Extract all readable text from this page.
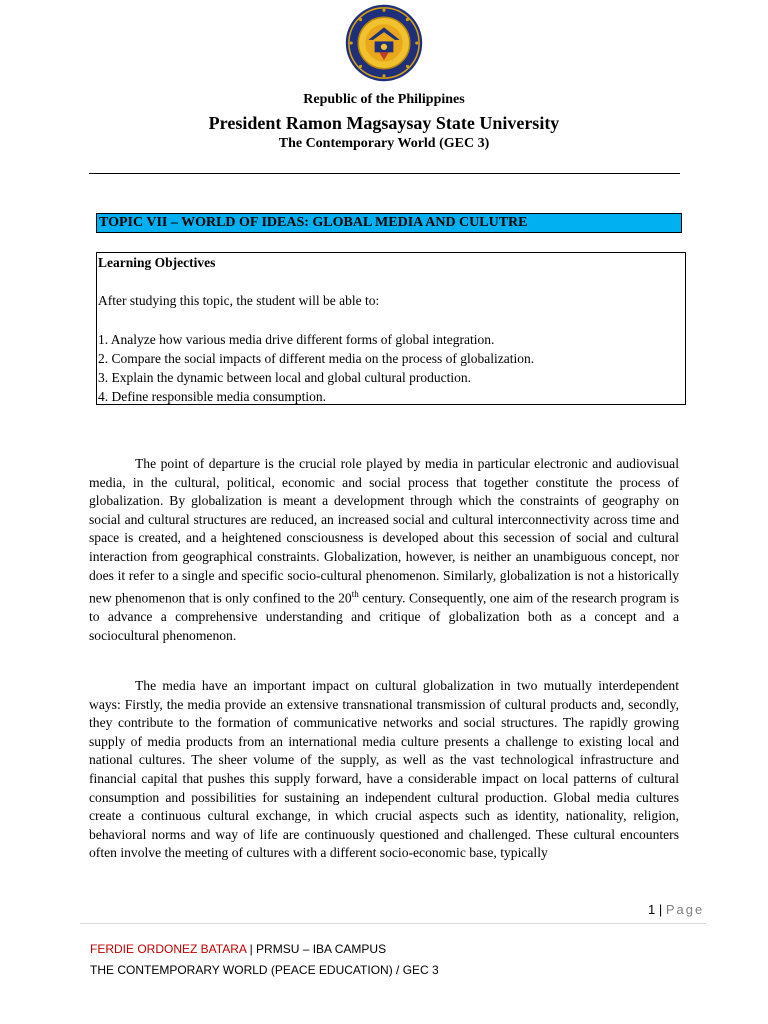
Republic of the Philippines
President Ramon Magsaysay State University
The Contemporary World (GEC 3)
TOPIC VII – WORLD OF IDEAS: GLOBAL MEDIA AND CULUTRE
Learning Objectives
After studying this topic, the student will be able to:
1. Analyze how various media drive different forms of global integration.
2. Compare the social impacts of different media on the process of globalization.
3. Explain the dynamic between local and global cultural production.
4. Define responsible media consumption.

The point of departure is the crucial role played by media in particular electronic and audiovisual media, in the cultural, political, economic and social process that together constitute the process of globalization. By globalization is meant a development through which the constraints of geography on social and cultural structures are reduced, an increased social and cultural interconnectivity across time and space is created, and a heightened consciousness is developed about this secession of social and cultural interaction from geographical constraints. Globalization, however, is neither an unambiguous concept, nor does it refer to a single and specific socio-cultural phenomenon. Similarly, globalization is not a historically new phenomenon that is only confined to the 20th century. Consequently, one aim of the research program is to advance a comprehensive understanding and critique of globalization both as a concept and a sociocultural phenomenon.

The media have an important impact on cultural globalization in two mutually interdependent ways: Firstly, the media provide an extensive transnational transmission of cultural products and, secondly, they contribute to the formation of communicative networks and social structures. The rapidly growing supply of media products from an international media culture presents a challenge to existing local and national cultures. The sheer volume of the supply, as well as the vast technological infrastructure and financial capital that pushes this supply forward, have a considerable impact on local patterns of cultural consumption and possibilities for sustaining an independent cultural production. Global media cultures create a continuous cultural exchange, in which crucial aspects such as identity, nationality, religion, behavioral norms and way of life are continuously questioned and challenged. These cultural encounters often involve the meeting of cultures with a different socio-economic base, typically

1 | Page
FERDIE ORDONEZ BATARA | PRMSU – IBA CAMPUS
THE CONTEMPORARY WORLD (PEACE EDUCATION) / GEC 3
